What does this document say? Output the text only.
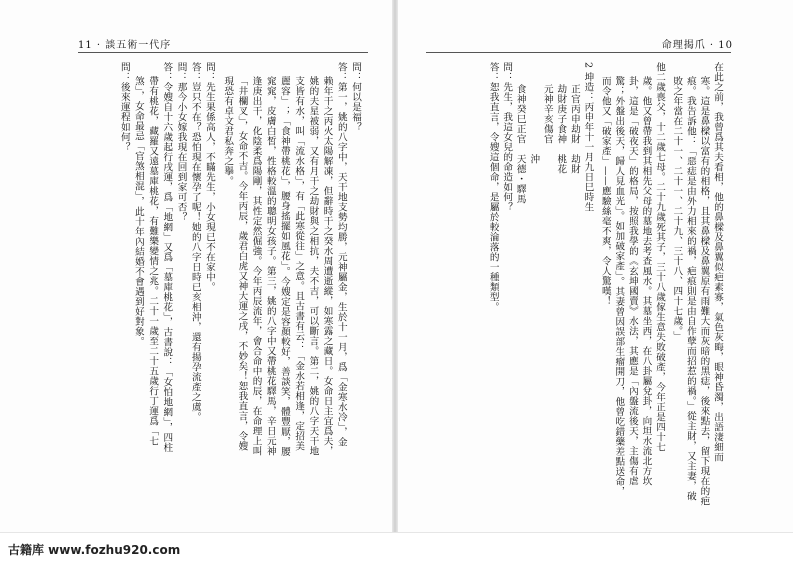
11 · 談五術一代序
問：何以是福？
答：第一，姚的八字中，天干地支勢均勝，元神屬金，生於十一月，爲「金寒水冷」，金
赖年干之丙火太陽解凍，但辭時干之癸水周遭逝縱，如寒露之藏日。女命日主宜爲夫，
姚的夫星被弱，又有月干之劫財與之相抗，夫不吉，可以斷言。第二，姚的八字天干地
支皆有水，叫「流水格」，有「此寒從往」之意。且古書有云：「金水若相逢，定招美
麗容」；「食神帶桃花」，腰身搖擺如風花」。今嫂定是容顏較好，善談笑，體豐厭，腰
窕窕，皮膚白皙，性格較溫的聰明女孩子。第三，姚的八字中又帶桃花驛馬，辛日元神
逢庚出干，化陰柔爲陽剛，其性定然倔強。今年丙辰流年，會合命中的辰，在命理上叫
「井欄叉」，女命不吉。今年丙辰，歲君白虎又神大運之戌，不妙矣！恕我直言，令嫂
現恐有卓文君私奔之擧。
問：先生果係高人，不瞞先生，小女現已不在家中。
答：豈只不在？恐怕現在懷孕了呢！她的八字日時已亥相沖，還有揚孕流產之虞。
問：那今小女嫁我現在回到家可否？
答：令嫂自十六歲起行戌運，爲「地網」又爲「墓庫桃花」，古書說：「女怕地網」，四柱
帶有桃花，藏羅又遠墓庫桃花，有難樂變情之兆。二十一歲至二十五歲行丁運爲「七
煞」，女命最忌「官煞相混」，此十年內結婚不會遇到好對象。
問：後來運程如何？
命理揭爪 · 10
在此之前，我曾爲其夫看相，他的鼻樑及鼻翼似疤素寡，氣色灰晦，眼神昏濁，出語淒細而
寒。這是鼻樑以富有的相格，且其鼻樑及鼻翼原有雨難大而灰暗的黑痣，後來點去，留下現在的疤
痕。我告訴他：「惡痣是由外力相來的禍，疤痕則是由自作孽而招惹的禍。」從主財，又主妻，破
敗之年當在二十一、二十一、二十九、三十八、四十七歲。」
他二歲喪父，十二歲七母。二十九歲死其子，三十八歲傢生意失敗破產，今年正是四十七
歲。他又曾帶我到其相先父母的墓地去考查風水。其墓坐西，在八卦屬兌卦，向坦水流北方坎
卦，這是「破夜天」的格局，按照我學的《玄坤國賣》水法，其應是「內盤流後天，主傷有虐
驚；外盤出後天，歸人見血光」。如加破家產」。其妻曾因誤部生瘤開刀，他曾吃錯藥差點送命，
而令他又「破家產」——應驗絲毫不爽，令人驚嘆！
2 坤造：丙申年十一月九日巳時生
正官丙申劫財　劫財
劫財庚子食神　桃花
元神辛亥傷官
　　　　　　　沖
食神癸巳正官　天德・驛馬
問：先生，我這女兒的命造如何？
答：恕我直言，令嫂這個命，是屬於較淪落的一種類型。
古籍库 www.fozhu920.com
